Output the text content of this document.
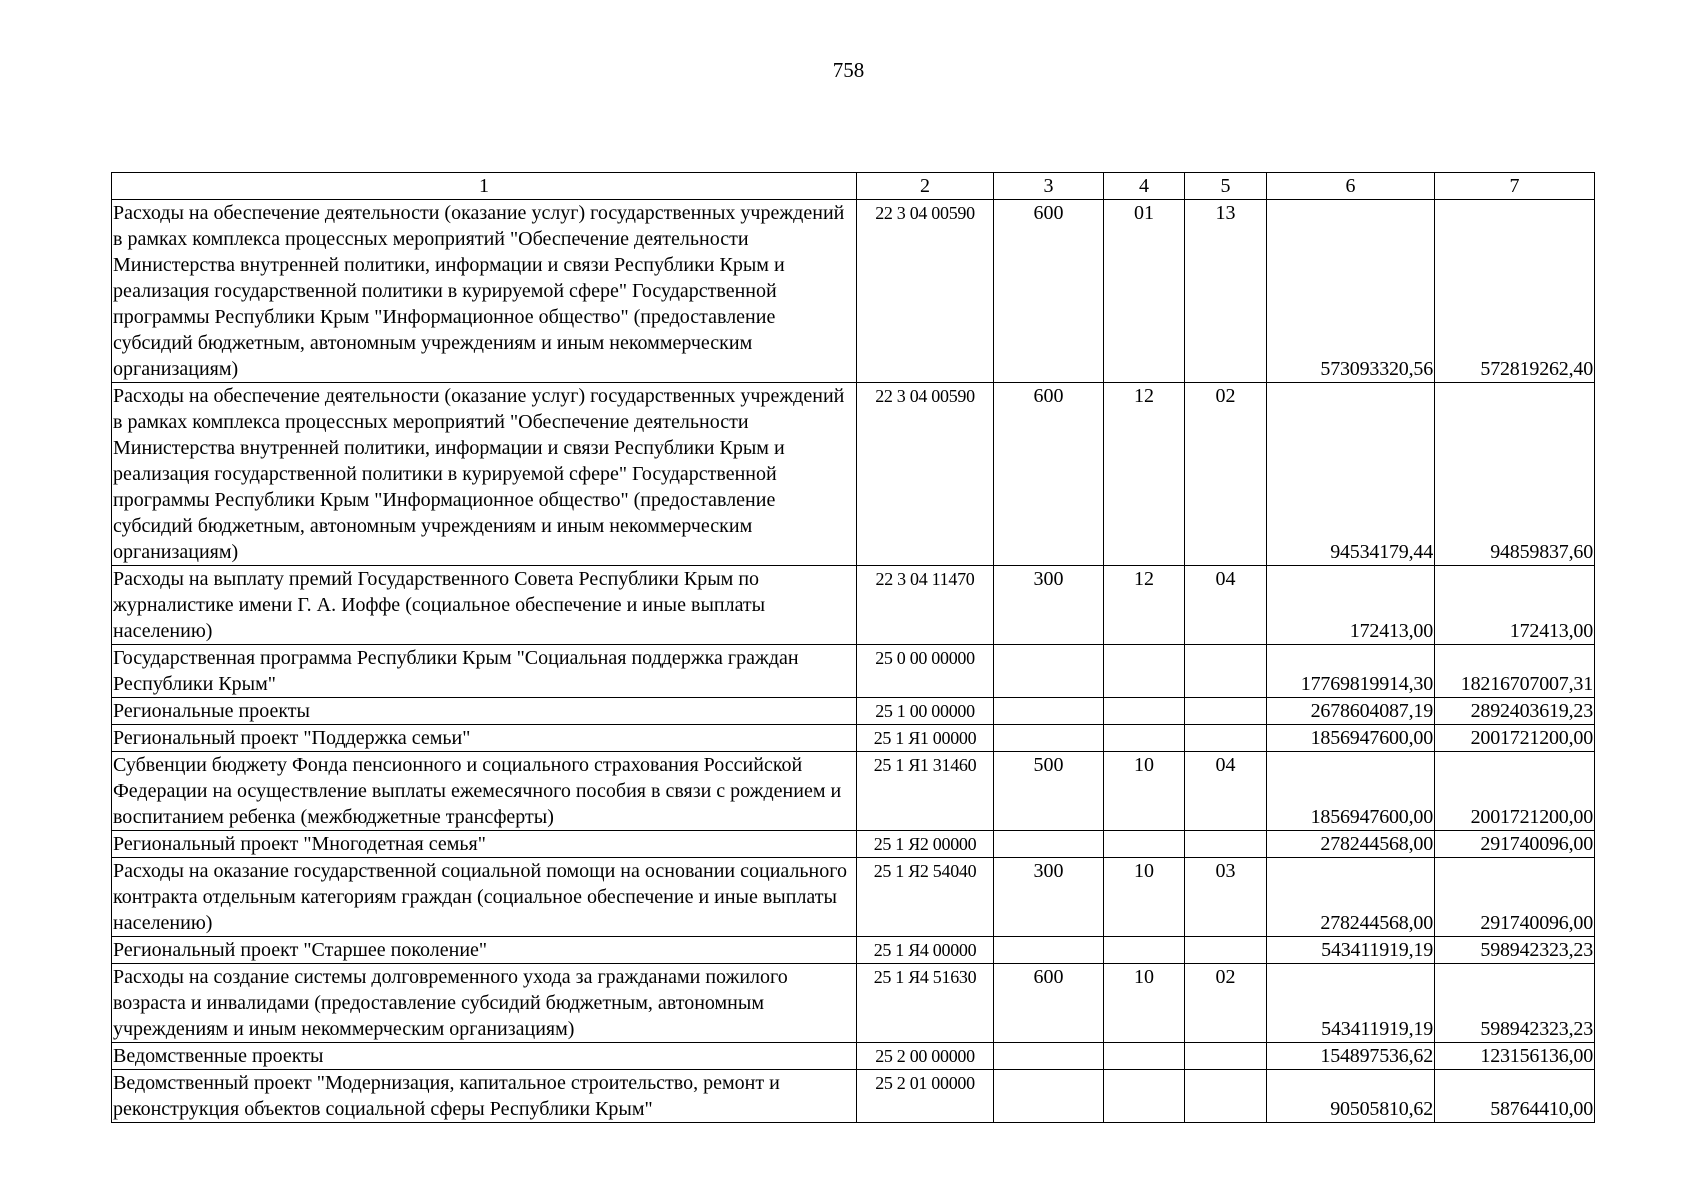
758
1	2	3	4	5	6	7
Расходы на обеспечение деятельности (оказание услуг) государственных учреждений в рамках комплекса процессных мероприятий "Обеспечение деятельности Министерства внутренней политики, информации и связи Республики Крым и реализация государственной политики в курируемой сфере" Государственной программы Республики Крым "Информационное общество" (предоставление субсидий бюджетным, автономным учреждениям и иным некоммерческим организациям)	22 3 04 00590	600	01	13	573093320,56	572819262,40
Расходы на обеспечение деятельности (оказание услуг) государственных учреждений в рамках комплекса процессных мероприятий "Обеспечение деятельности Министерства внутренней политики, информации и связи Республики Крым и реализация государственной политики в курируемой сфере" Государственной программы Республики Крым "Информационное общество" (предоставление субсидий бюджетным, автономным учреждениям и иным некоммерческим организациям)	22 3 04 00590	600	12	02	94534179,44	94859837,60
Расходы на выплату премий Государственного Совета Республики Крым по журналистике имени Г. А. Иоффе (социальное обеспечение и иные выплаты населению)	22 3 04 11470	300	12	04	172413,00	172413,00
Государственная программа Республики Крым "Социальная поддержка граждан Республики Крым"	25 0 00 00000				17769819914,30	18216707007,31
Региональные проекты	25 1 00 00000				2678604087,19	2892403619,23
Региональный проект "Поддержка семьи"	25 1 Я1 00000				1856947600,00	2001721200,00
Субвенции бюджету Фонда пенсионного и социального страхования Российской Федерации на осуществление выплаты ежемесячного пособия в связи с рождением и воспитанием ребенка (межбюджетные трансферты)	25 1 Я1 31460	500	10	04	1856947600,00	2001721200,00
Региональный проект "Многодетная семья"	25 1 Я2 00000				278244568,00	291740096,00
Расходы на оказание государственной социальной помощи на основании социального контракта отдельным категориям граждан (социальное обеспечение и иные выплаты населению)	25 1 Я2 54040	300	10	03	278244568,00	291740096,00
Региональный проект "Старшее поколение"	25 1 Я4 00000				543411919,19	598942323,23
Расходы на создание системы долговременного ухода за гражданами пожилого возраста и инвалидами (предоставление субсидий бюджетным, автономным учреждениям и иным некоммерческим организациям)	25 1 Я4 51630	600	10	02	543411919,19	598942323,23
Ведомственные проекты	25 2 00 00000				154897536,62	123156136,00
Ведомственный проект "Модернизация, капитальное строительство, ремонт и реконструкция объектов социальной сферы Республики Крым"	25 2 01 00000				90505810,62	58764410,00
